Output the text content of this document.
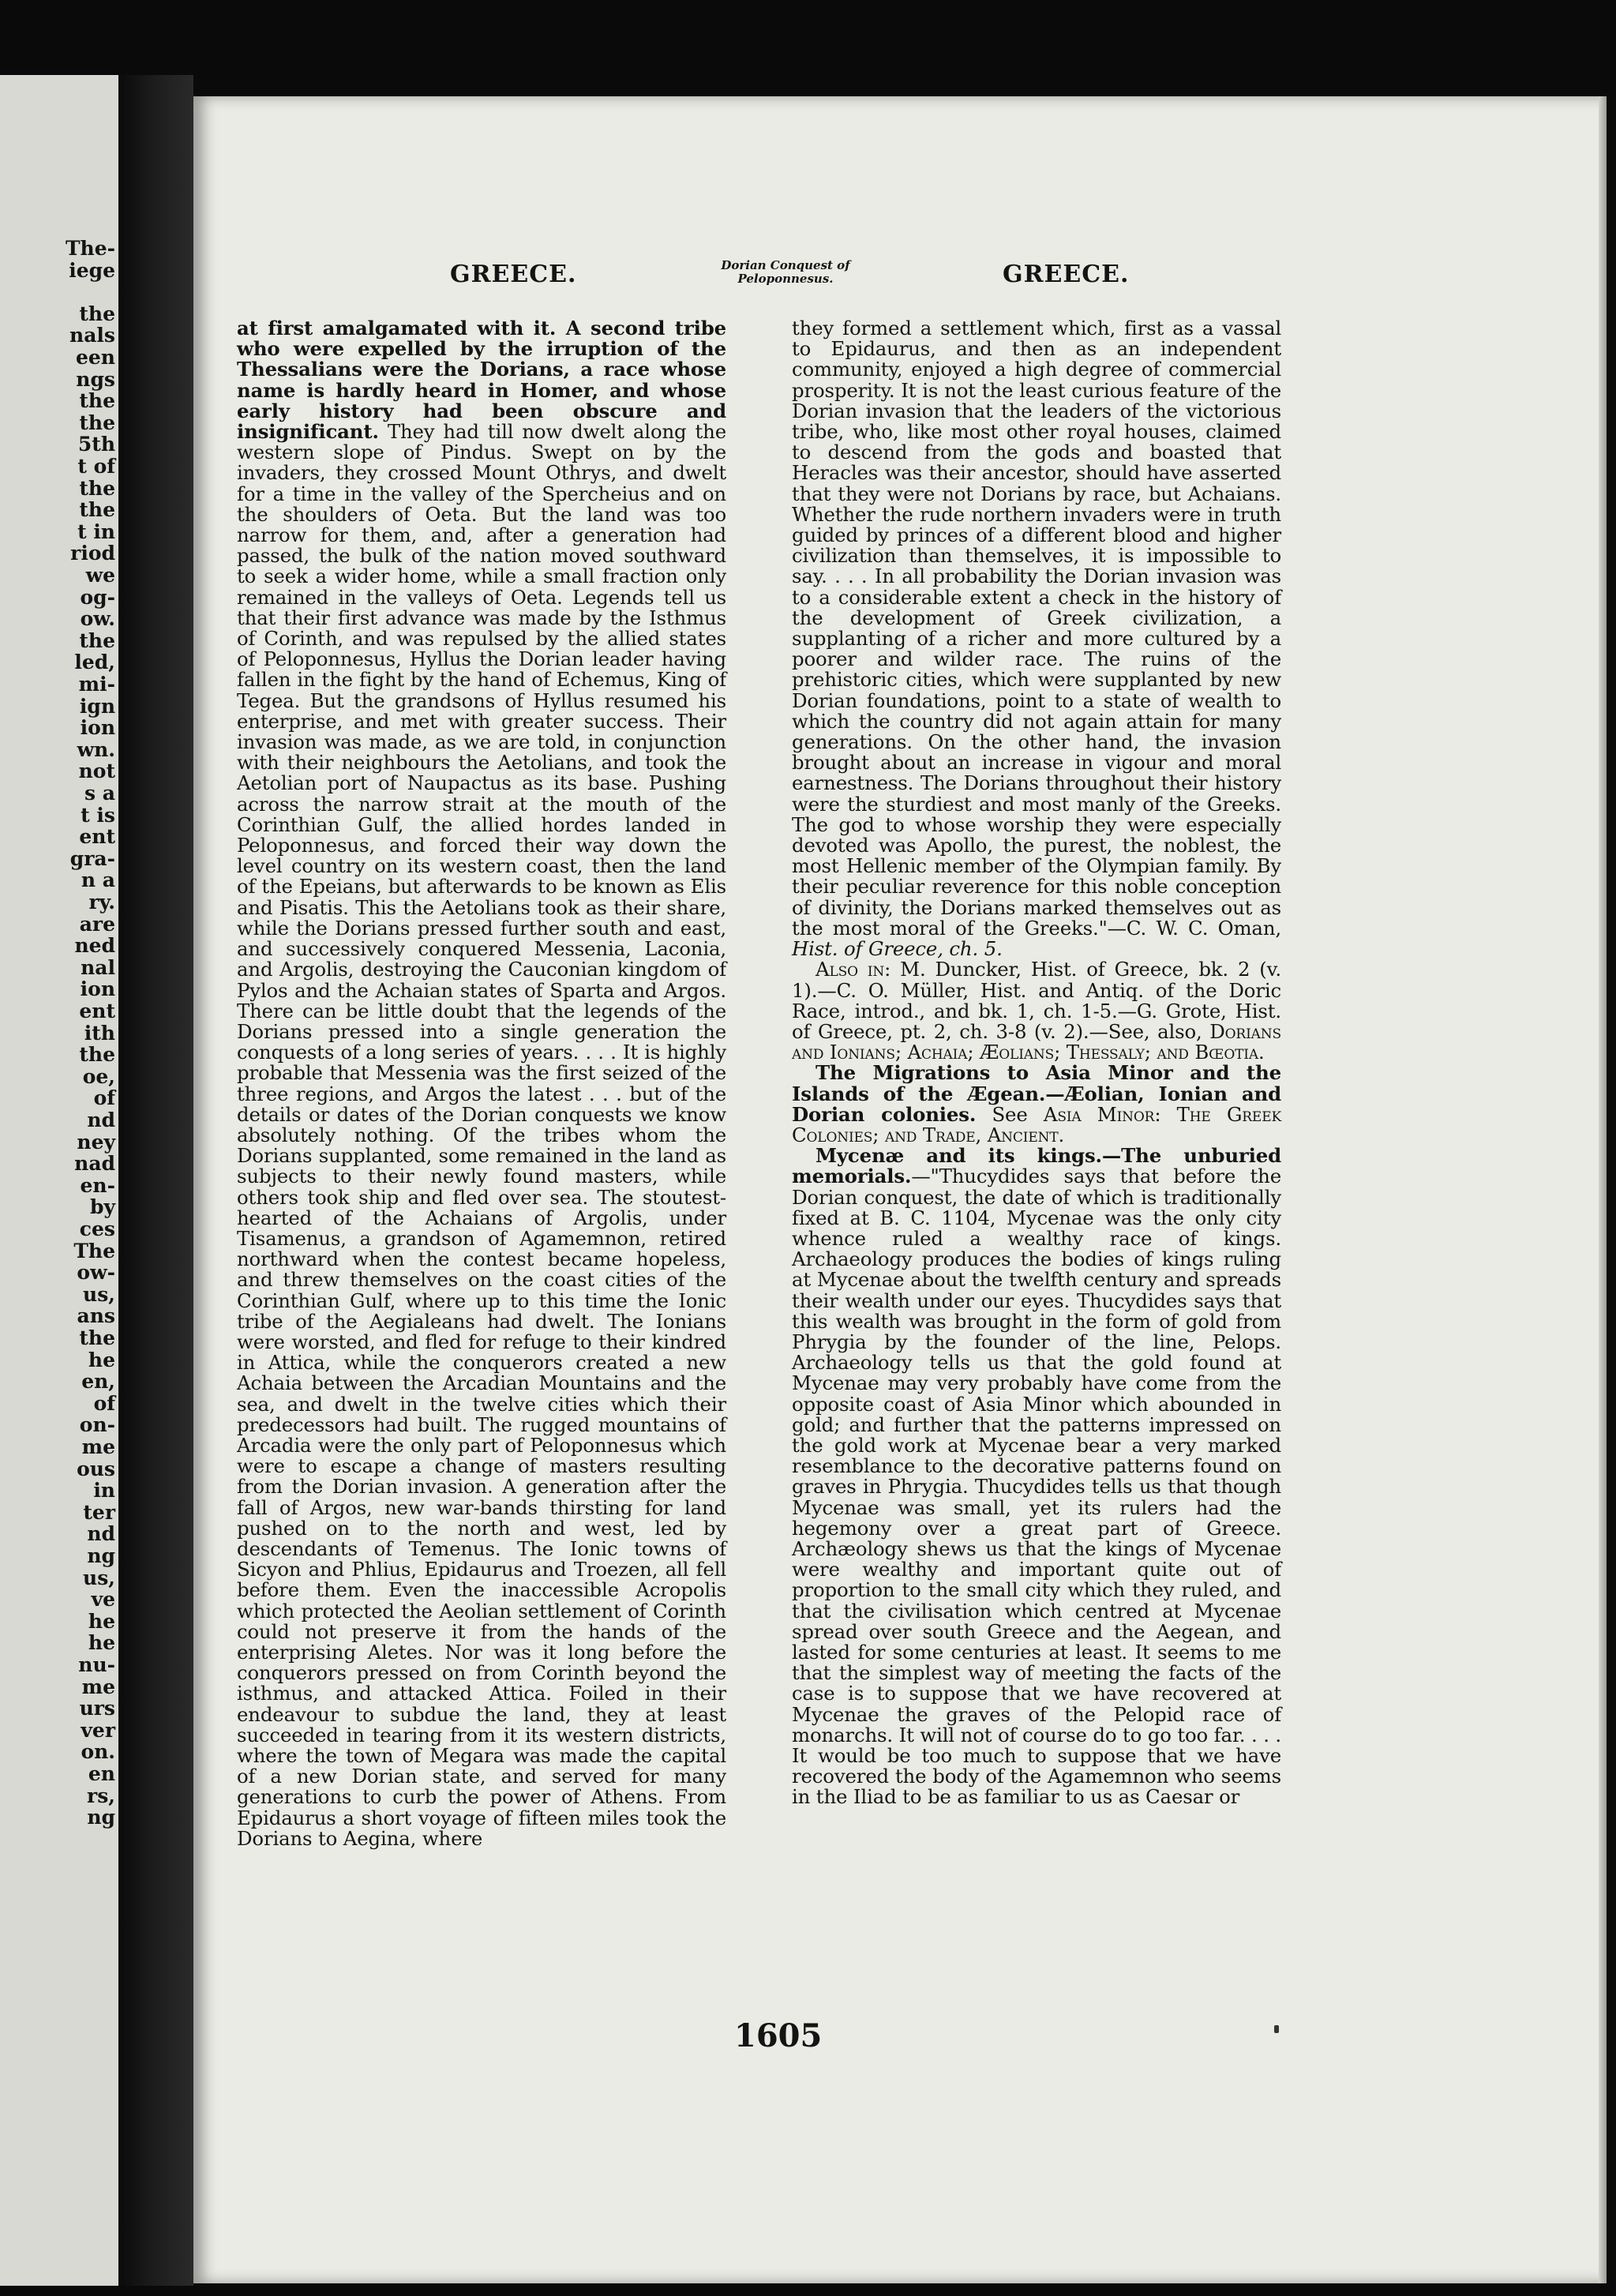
The-
iege
the
nals
een
ngs
the
the
5th
t of
the
the
t in
riod
we
og-
ow.
the
led,
mi-
ign
ion
wn.
not
s a
t is
ent
gra-
n a
ry.
are
ned
nal
ion
ent
ith
the
oe,
of
nd
ney
nad
en-
by
ces
The
ow-
us,
ans
the
he
en,
of
on-
me
ous
in
ter
nd
ng
us,
ve
he
he
nu-
me
urs
ver
on.
en
rs,
ng
GREECE.	Dorian Conquest of
Peloponnesus.	GREECE.

at first amalgamated with it. A second tribe who were expelled by the irruption of the Thessalians were the Dorians, a race whose name is hardly heard in Homer, and whose early history had been obscure and insignificant. They had till now dwelt along the western slope of Pindus. Swept on by the invaders, they crossed Mount Othrys, and dwelt for a time in the valley of the Spercheius and on the shoulders of Oeta. But the land was too narrow for them, and, after a generation had passed, the bulk of the nation moved southward to seek a wider home, while a small fraction only remained in the valleys of Oeta. Legends tell us that their first advance was made by the Isthmus of Corinth, and was repulsed by the allied states of Peloponnesus, Hyllus the Dorian leader having fallen in the fight by the hand of Echemus, King of Tegea. But the grandsons of Hyllus resumed his enterprise, and met with greater success. Their invasion was made, as we are told, in conjunction with their neighbours the Aetolians, and took the Aetolian port of Naupactus as its base. Pushing across the narrow strait at the mouth of the Corinthian Gulf, the allied hordes landed in Peloponnesus, and forced their way down the level country on its western coast, then the land of the Epeians, but afterwards to be known as Elis and Pisatis. This the Aetolians took as their share, while the Dorians pressed further south and east, and successively conquered Messenia, Laconia, and Argolis, destroying the Cauconian kingdom of Pylos and the Achaian states of Sparta and Argos. There can be little doubt that the legends of the Dorians pressed into a single generation the conquests of a long series of years. . . . It is highly probable that Messenia was the first seized of the three regions, and Argos the latest . . . but of the details or dates of the Dorian conquests we know absolutely nothing. Of the tribes whom the Dorians supplanted, some remained in the land as subjects to their newly found masters, while others took ship and fled over sea. The stoutest-hearted of the Achaians of Argolis, under Tisamenus, a grandson of Agamemnon, retired northward when the contest became hopeless, and threw themselves on the coast cities of the Corinthian Gulf, where up to this time the Ionic tribe of the Aegialeans had dwelt. The Ionians were worsted, and fled for refuge to their kindred in Attica, while the conquerors created a new Achaia between the Arcadian Mountains and the sea, and dwelt in the twelve cities which their predecessors had built. The rugged mountains of Arcadia were the only part of Peloponnesus which were to escape a change of masters resulting from the Dorian invasion. A generation after the fall of Argos, new war-bands thirsting for land pushed on to the north and west, led by descendants of Temenus. The Ionic towns of Sicyon and Phlius, Epidaurus and Troezen, all fell before them. Even the inaccessible Acropolis which protected the Aeolian settlement of Corinth could not preserve it from the hands of the enterprising Aletes. Nor was it long before the conquerors pressed on from Corinth beyond the isthmus, and attacked Attica. Foiled in their endeavour to subdue the land, they at least succeeded in tearing from it its western districts, where the town of Megara was made the capital of a new Dorian state, and served for many generations to curb the power of Athens. From Epidaurus a short voyage of fifteen miles took the Dorians to Aegina, where

they formed a settlement which, first as a vassal to Epidaurus, and then as an independent community, enjoyed a high degree of commercial prosperity. It is not the least curious feature of the Dorian invasion that the leaders of the victorious tribe, who, like most other royal houses, claimed to descend from the gods and boasted that Heracles was their ancestor, should have asserted that they were not Dorians by race, but Achaians. Whether the rude northern invaders were in truth guided by princes of a different blood and higher civilization than themselves, it is impossible to say. . . . In all probability the Dorian invasion was to a considerable extent a check in the history of the development of Greek civilization, a supplanting of a richer and more cultured by a poorer and wilder race. The ruins of the prehistoric cities, which were supplanted by new Dorian foundations, point to a state of wealth to which the country did not again attain for many generations. On the other hand, the invasion brought about an increase in vigour and moral earnestness. The Dorians throughout their history were the sturdiest and most manly of the Greeks. The god to whose worship they were especially devoted was Apollo, the purest, the noblest, the most Hellenic member of the Olympian family. By their peculiar reverence for this noble conception of divinity, the Dorians marked themselves out as the most moral of the Greeks."—C. W. C. Oman, Hist. of Greece, ch. 5.

Also in: M. Duncker, Hist. of Greece, bk. 2 (v. 1).—C. O. Müller, Hist. and Antiq. of the Doric Race, introd., and bk. 1, ch. 1-5.—G. Grote, Hist. of Greece, pt. 2, ch. 3-8 (v. 2).—See, also, Dorians and Ionians; Achaia; Æolians; Thessaly; and Bœotia.

The Migrations to Asia Minor and the Islands of the Ægean.—Æolian, Ionian and Dorian colonies. See Asia Minor: The Greek Colonies; and Trade, Ancient.

Mycenæ and its kings.—The unburied memorials.—"Thucydides says that before the Dorian conquest, the date of which is traditionally fixed at B. C. 1104, Mycenae was the only city whence ruled a wealthy race of kings. Archaeology produces the bodies of kings ruling at Mycenae about the twelfth century and spreads their wealth under our eyes. Thucydides says that this wealth was brought in the form of gold from Phrygia by the founder of the line, Pelops. Archaeology tells us that the gold found at Mycenae may very probably have come from the opposite coast of Asia Minor which abounded in gold; and further that the patterns impressed on the gold work at Mycenae bear a very marked resemblance to the decorative patterns found on graves in Phrygia. Thucydides tells us that though Mycenae was small, yet its rulers had the hegemony over a great part of Greece. Archæology shews us that the kings of Mycenae were wealthy and important quite out of proportion to the small city which they ruled, and that the civilisation which centred at Mycenae spread over south Greece and the Aegean, and lasted for some centuries at least. It seems to me that the simplest way of meeting the facts of the case is to suppose that we have recovered at Mycenae the graves of the Pelopid race of monarchs. It will not of course do to go too far. . . . It would be too much to suppose that we have recovered the body of the Agamemnon who seems in the Iliad to be as familiar to us as Caesar or

1605
